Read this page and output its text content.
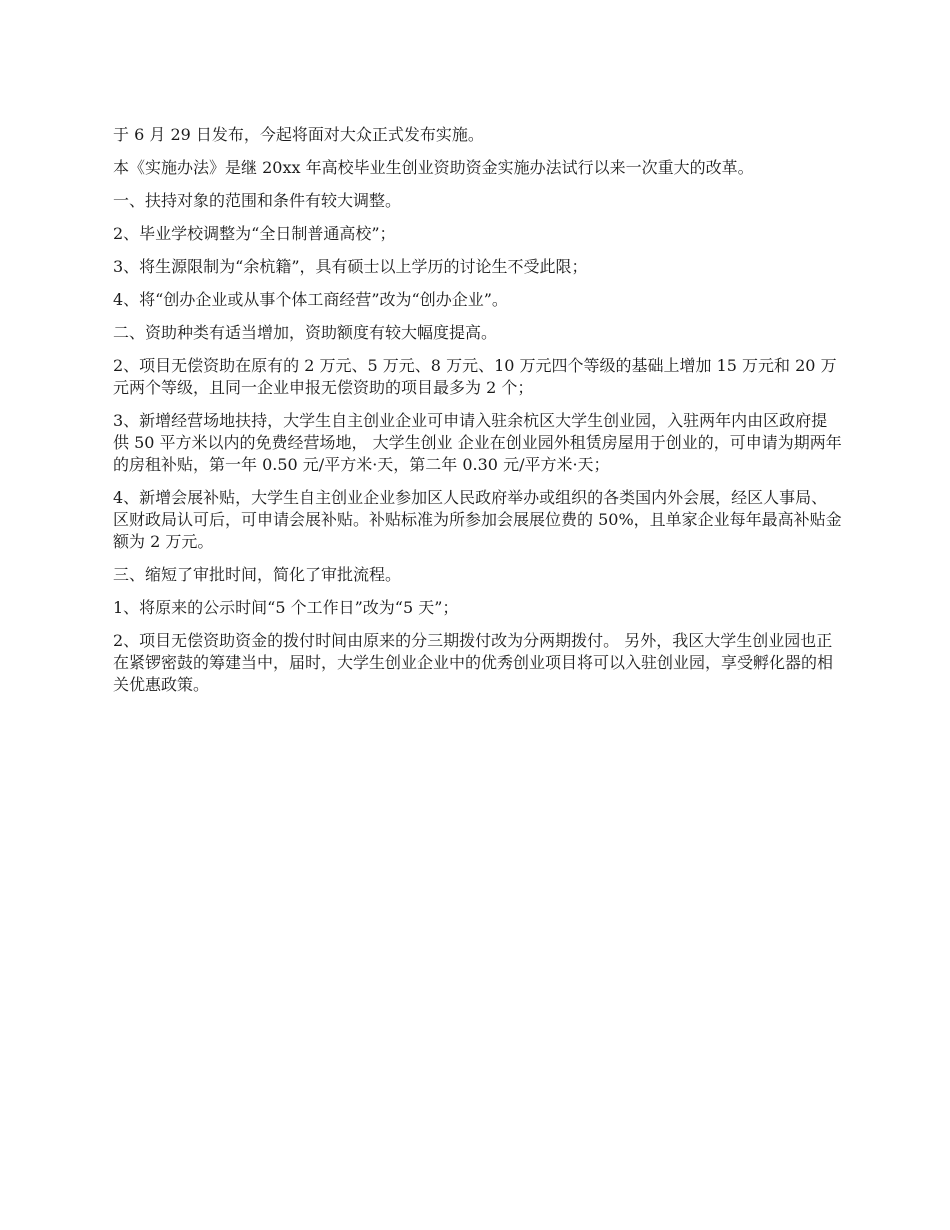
于 6 月 29 日发布，今起将面对大众正式发布实施。

本《实施办法》是继 20xx 年高校毕业生创业资助资金实施办法试行以来一次重大的改革。

一、扶持对象的范围和条件有较大调整。

2、毕业学校调整为“全日制普通高校”；

3、将生源限制为“余杭籍”，具有硕士以上学历的讨论生不受此限；

4、将“创办企业或从事个体工商经营”改为“创办企业”。

二、资助种类有适当增加，资助额度有较大幅度提高。

2、项目无偿资助在原有的 2 万元、5 万元、8 万元、10 万元四个等级的基础上增加 15 万元和 20 万元两个等级，且同一企业申报无偿资助的项目最多为 2 个；

3、新增经营场地扶持，大学生自主创业企业可申请入驻余杭区大学生创业园，入驻两年内由区政府提供 50 平方米以内的免费经营场地， 大学生创业 企业在创业园外租赁房屋用于创业的，可申请为期两年的房租补贴，第一年 0.50 元/平方米·天，第二年 0.30 元/平方米·天；

4、新增会展补贴，大学生自主创业企业参加区人民政府举办或组织的各类国内外会展，经区人事局、区财政局认可后，可申请会展补贴。补贴标准为所参加会展展位费的 50%，且单家企业每年最高补贴金额为 2 万元。

三、缩短了审批时间，简化了审批流程。

1、将原来的公示时间“5 个工作日”改为“5 天”；

2、项目无偿资助资金的拨付时间由原来的分三期拨付改为分两期拨付。 另外，我区大学生创业园也正在紧锣密鼓的筹建当中，届时，大学生创业企业中的优秀创业项目将可以入驻创业园，享受孵化器的相关优惠政策。
